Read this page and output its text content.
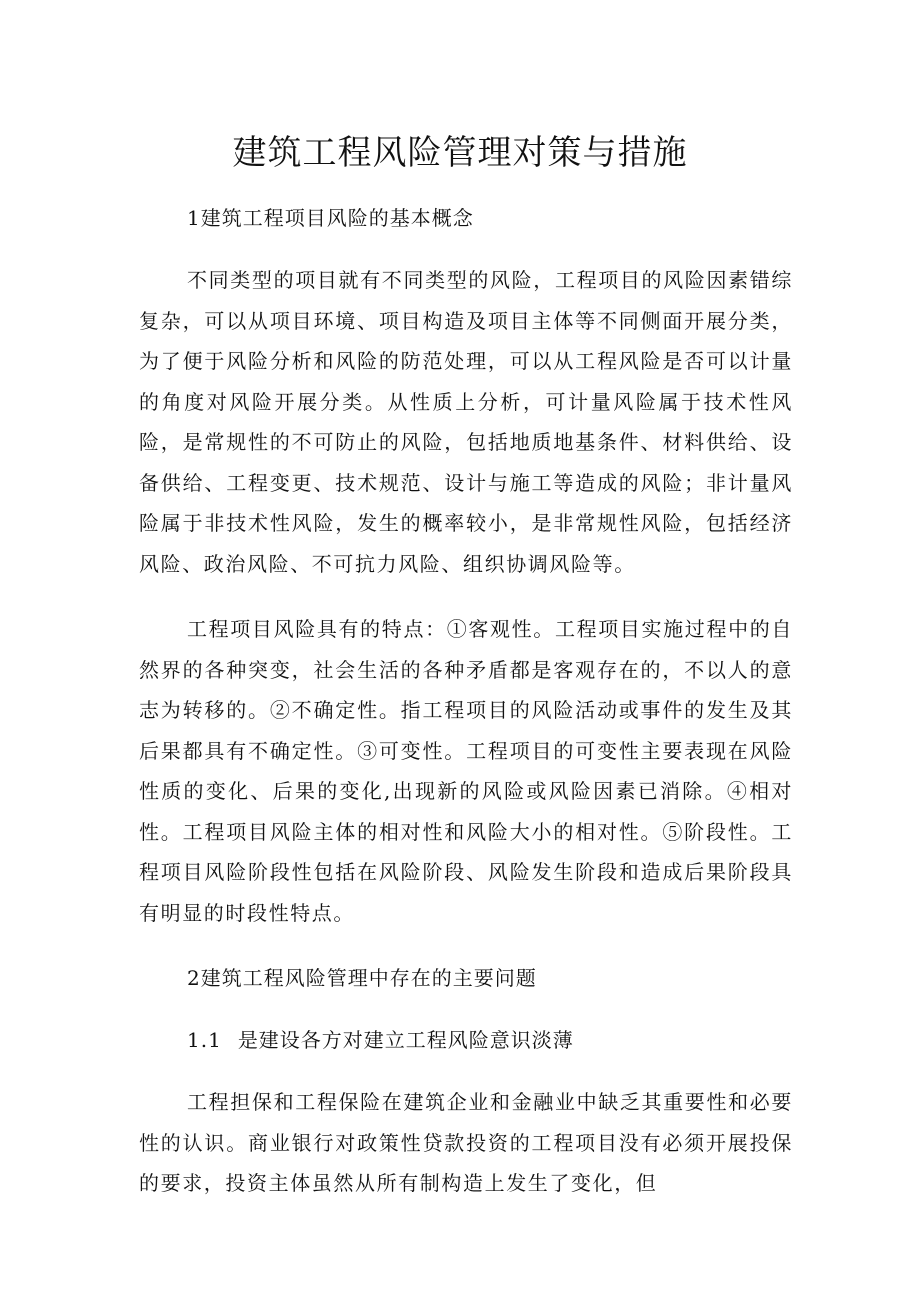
建筑工程风险管理对策与措施

1建筑工程项目风险的基本概念

不同类型的项目就有不同类型的风险，工程项目的风险因素错综复杂，可以从项目环境、项目构造及项目主体等不同侧面开展分类，为了便于风险分析和风险的防范处理，可以从工程风险是否可以计量的角度对风险开展分类。从性质上分析，可计量风险属于技术性风险，是常规性的不可防止的风险，包括地质地基条件、材料供给、设备供给、工程变更、技术规范、设计与施工等造成的风险；非计量风险属于非技术性风险，发生的概率较小，是非常规性风险，包括经济风险、政治风险、不可抗力风险、组织协调风险等。

工程项目风险具有的特点：①客观性。工程项目实施过程中的自然界的各种突变，社会生活的各种矛盾都是客观存在的，不以人的意志为转移的。②不确定性。指工程项目的风险活动或事件的发生及其后果都具有不确定性。③可变性。工程项目的可变性主要表现在风险性质的变化、后果的变化,出现新的风险或风险因素已消除。④相对性。工程项目风险主体的相对性和风险大小的相对性。⑤阶段性。工程项目风险阶段性包括在风险阶段、风险发生阶段和造成后果阶段具有明显的时段性特点。

2建筑工程风险管理中存在的主要问题

1.1 是建设各方对建立工程风险意识淡薄

工程担保和工程保险在建筑企业和金融业中缺乏其重要性和必要性的认识。商业银行对政策性贷款投资的工程项目没有必须开展投保的要求，投资主体虽然从所有制构造上发生了变化，但
